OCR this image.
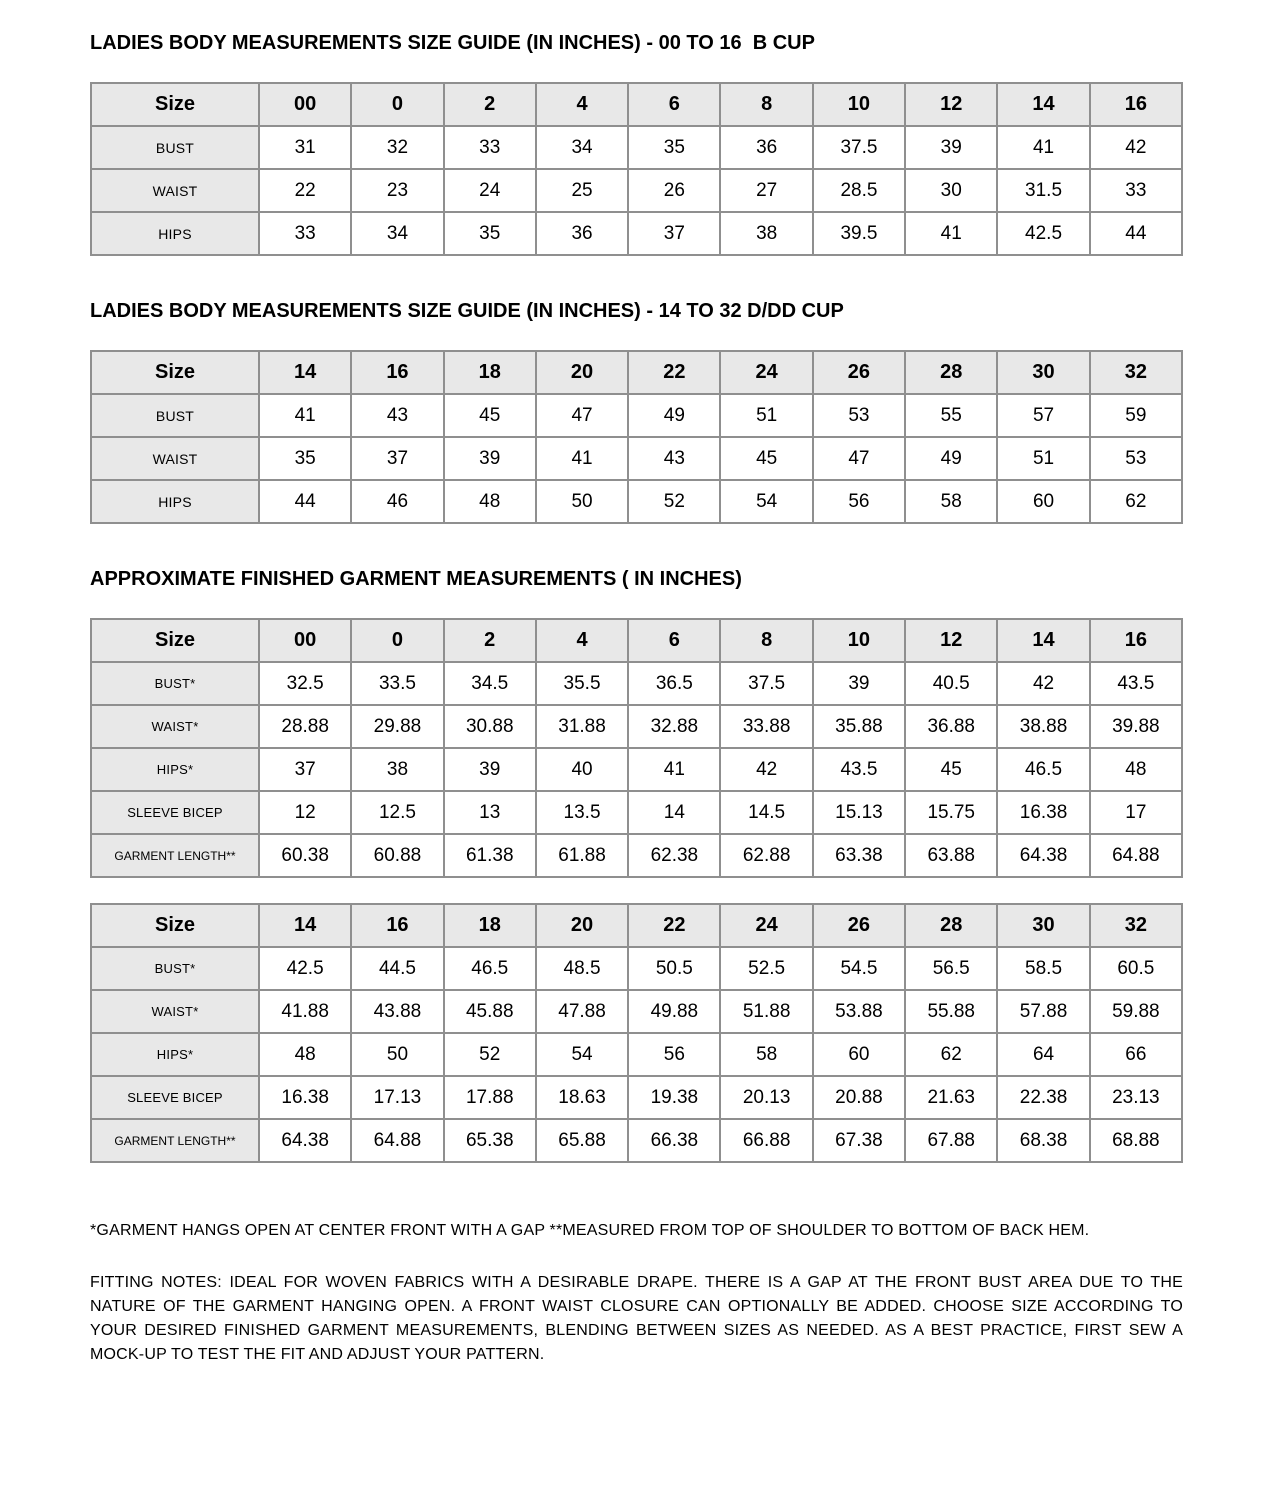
LADIES BODY MEASUREMENTS SIZE GUIDE (IN INCHES) - 00 TO 16  B CUP
Size	00	0	2	4	6	8	10	12	14	16
BUST	31	32	33	34	35	36	37.5	39	41	42
WAIST	22	23	24	25	26	27	28.5	30	31.5	33
HIPS	33	34	35	36	37	38	39.5	41	42.5	44
LADIES BODY MEASUREMENTS SIZE GUIDE (IN INCHES) - 14 TO 32 D/DD CUP
Size	14	16	18	20	22	24	26	28	30	32
BUST	41	43	45	47	49	51	53	55	57	59
WAIST	35	37	39	41	43	45	47	49	51	53
HIPS	44	46	48	50	52	54	56	58	60	62
APPROXIMATE FINISHED GARMENT MEASUREMENTS ( IN INCHES)
Size	00	0	2	4	6	8	10	12	14	16
BUST*	32.5	33.5	34.5	35.5	36.5	37.5	39	40.5	42	43.5
WAIST*	28.88	29.88	30.88	31.88	32.88	33.88	35.88	36.88	38.88	39.88
HIPS*	37	38	39	40	41	42	43.5	45	46.5	48
SLEEVE BICEP	12	12.5	13	13.5	14	14.5	15.13	15.75	16.38	17
GARMENT LENGTH**	60.38	60.88	61.38	61.88	62.38	62.88	63.38	63.88	64.38	64.88
Size	14	16	18	20	22	24	26	28	30	32
BUST*	42.5	44.5	46.5	48.5	50.5	52.5	54.5	56.5	58.5	60.5
WAIST*	41.88	43.88	45.88	47.88	49.88	51.88	53.88	55.88	57.88	59.88
HIPS*	48	50	52	54	56	58	60	62	64	66
SLEEVE BICEP	16.38	17.13	17.88	18.63	19.38	20.13	20.88	21.63	22.38	23.13
GARMENT LENGTH**	64.38	64.88	65.38	65.88	66.38	66.88	67.38	67.88	68.38	68.88

*GARMENT HANGS OPEN AT CENTER FRONT WITH A GAP **MEASURED FROM TOP OF SHOULDER TO BOTTOM OF BACK HEM.

FITTING NOTES: IDEAL FOR WOVEN FABRICS WITH A DESIRABLE DRAPE. THERE IS A GAP AT THE FRONT BUST AREA DUE TO THE NATURE OF THE GARMENT HANGING OPEN. A FRONT WAIST CLOSURE CAN OPTIONALLY BE ADDED. CHOOSE SIZE ACCORDING TO YOUR DESIRED FINISHED GARMENT MEASUREMENTS, BLENDING BETWEEN SIZES AS NEEDED. AS A BEST PRACTICE, FIRST SEW A MOCK-UP TO TEST THE FIT AND ADJUST YOUR PATTERN.
